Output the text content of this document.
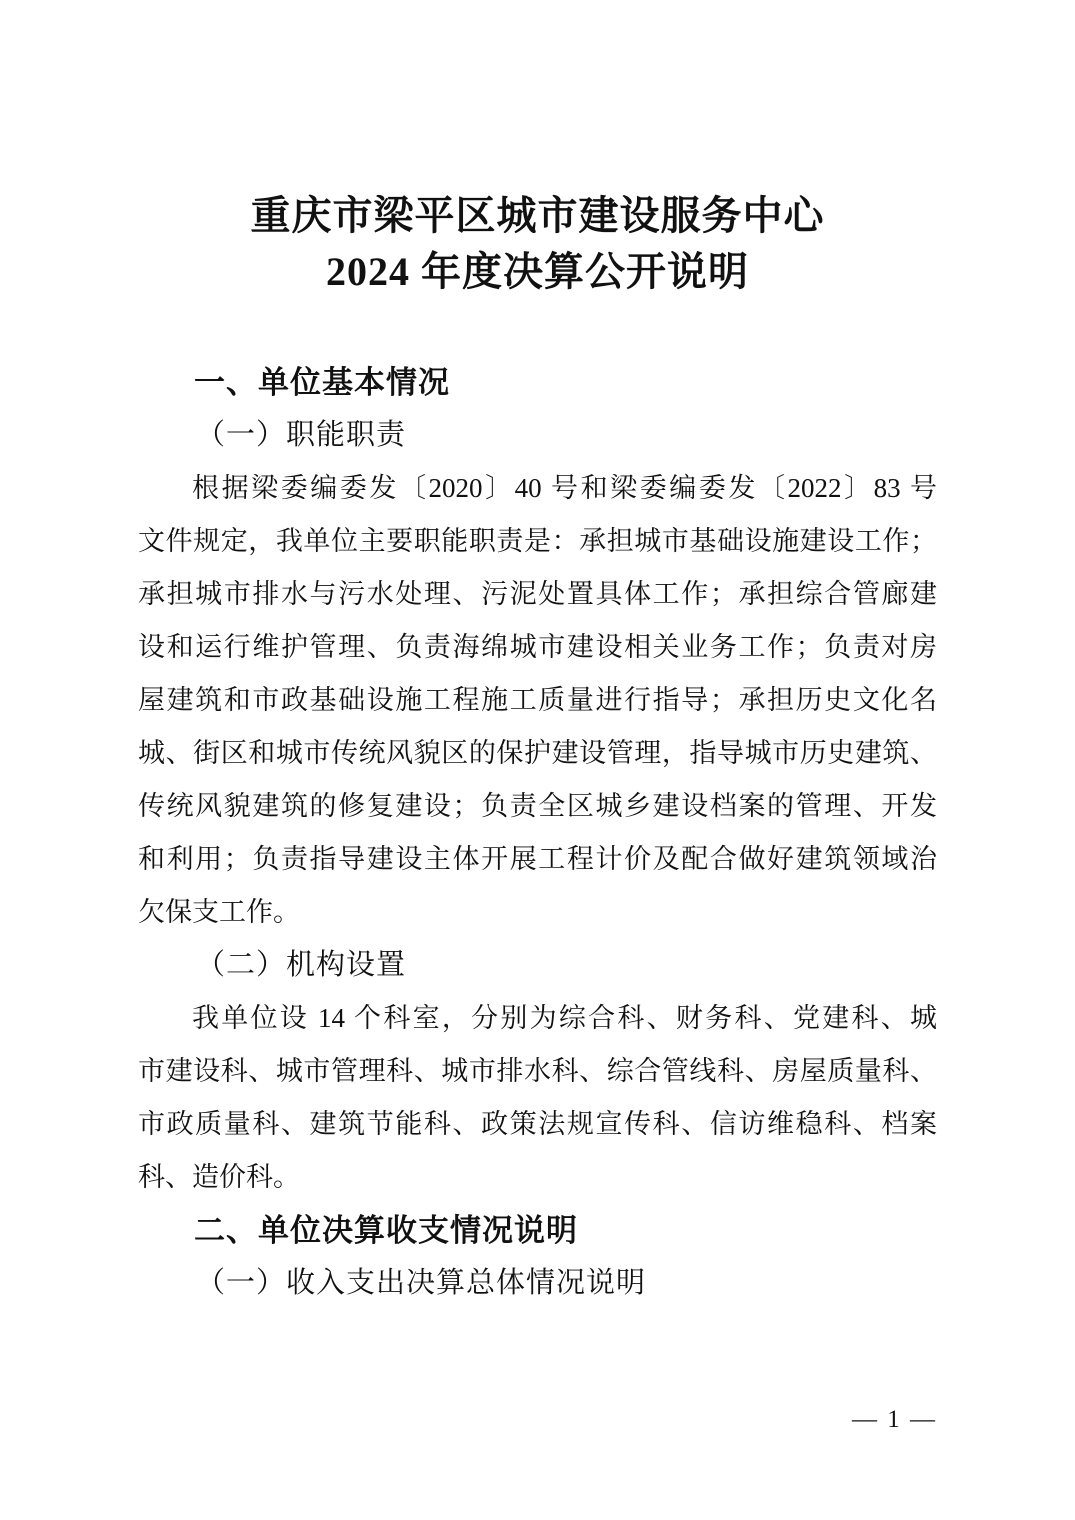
重庆市梁平区城市建设服务中心
2024 年度决算公开说明
一、单位基本情况
（一）职能职责
根据梁委编委发〔2020〕40 号和梁委编委发〔2022〕83 号
文件规定，我单位主要职能职责是：承担城市基础设施建设工作；
承担城市排水与污水处理、污泥处置具体工作；承担综合管廊建
设和运行维护管理、负责海绵城市建设相关业务工作；负责对房
屋建筑和市政基础设施工程施工质量进行指导；承担历史文化名
城、街区和城市传统风貌区的保护建设管理，指导城市历史建筑、
传统风貌建筑的修复建设；负责全区城乡建设档案的管理、开发
和利用；负责指导建设主体开展工程计价及配合做好建筑领域治
欠保支工作。
（二）机构设置
我单位设 14 个科室，分别为综合科、财务科、党建科、城
市建设科、城市管理科、城市排水科、综合管线科、房屋质量科、
市政质量科、建筑节能科、政策法规宣传科、信访维稳科、档案
科、造价科。
二、单位决算收支情况说明
（一）收入支出决算总体情况说明
— 1 —
